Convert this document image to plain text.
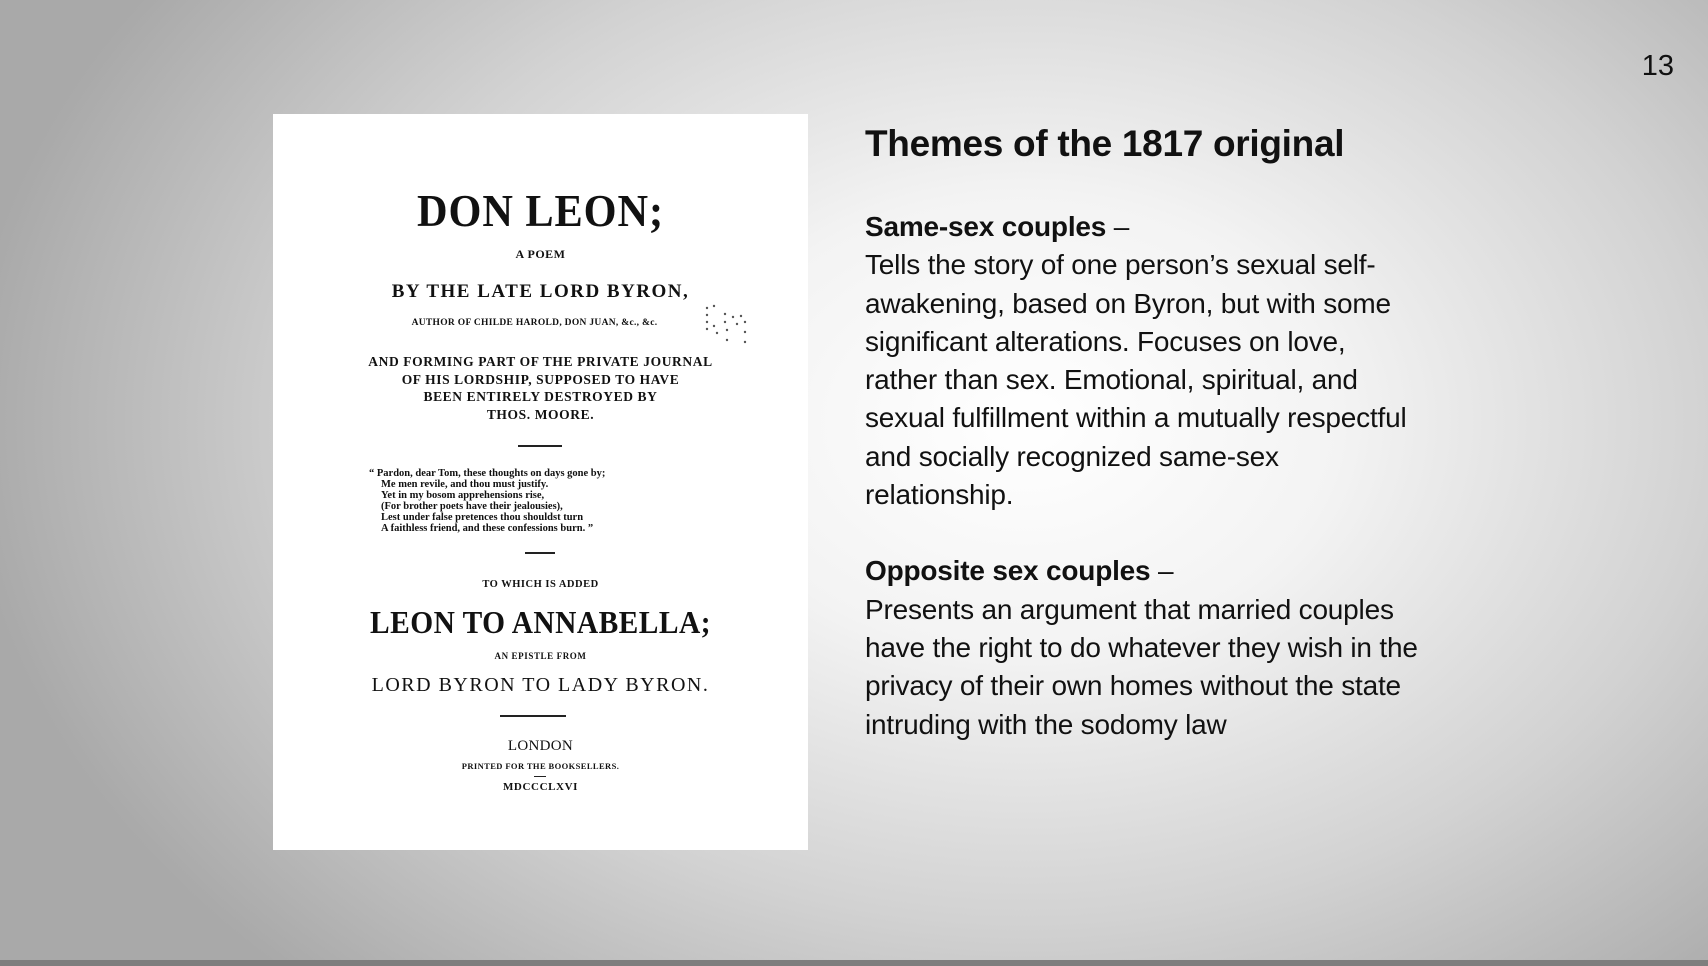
13

DON LEON;

A POEM

BY THE LATE LORD BYRON,

AUTHOR OF CHILDE HAROLD, DON JUAN, &c., &c.

AND FORMING PART OF THE PRIVATE JOURNAL
OF HIS LORDSHIP, SUPPOSED TO HAVE
BEEN ENTIRELY DESTROYED BY
THOS. MOORE.

“ Pardon, dear Tom, these thoughts on days gone by;
Me men revile, and thou must justify.
Yet in my bosom apprehensions rise,
(For brother poets have their jealousies),
Lest under false pretences thou shouldst turn
A faithless friend, and these confessions burn. ”

TO WHICH IS ADDED

LEON TO ANNABELLA;

AN EPISTLE FROM

LORD BYRON TO LADY BYRON.

LONDON

PRINTED FOR THE BOOKSELLERS.

MDCCCLXVI

Themes of the 1817 original

Same-sex couples –

Tells the story of one person’s sexual self-awakening, based on Byron, but with some significant alterations. Focuses on love, rather than sex. Emotional, spiritual, and sexual fulfillment within a mutually respectful and socially recognized same-sex relationship.

Opposite sex couples –

Presents an argument that married couples have the right to do whatever they wish in the privacy of their own homes without the state intruding with the sodomy law
